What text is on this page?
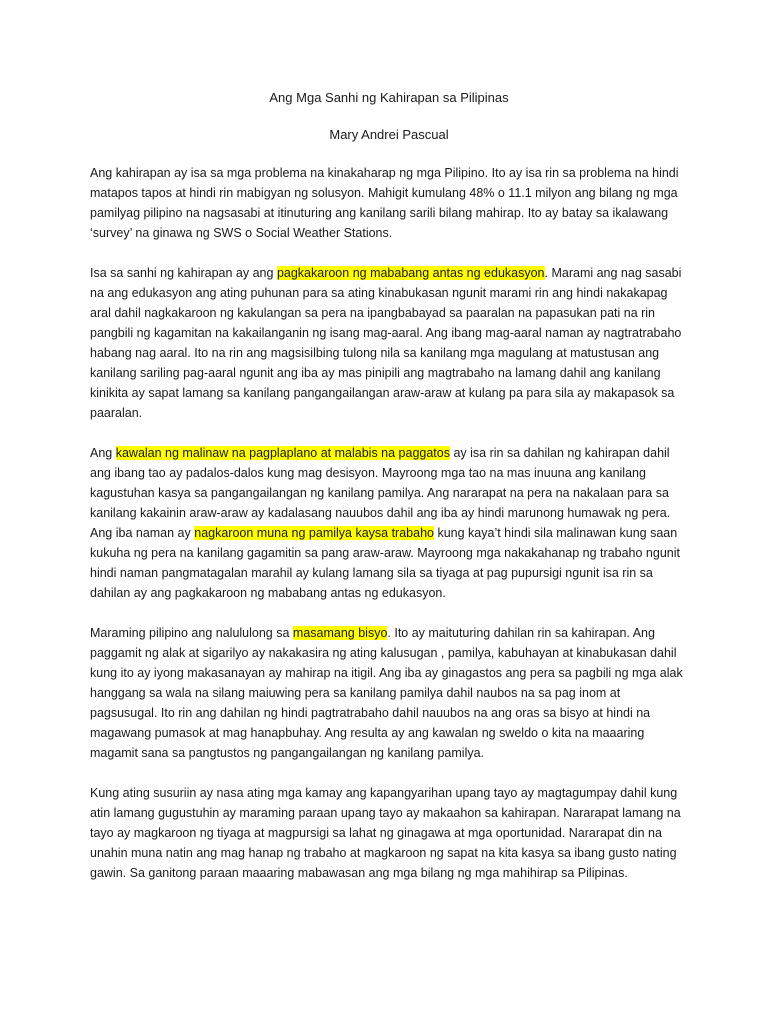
Ang Mga Sanhi ng Kahirapan sa Pilipinas
Mary Andrei Pascual

Ang kahirapan ay isa sa mga problema na kinakaharap ng mga Pilipino. Ito ay isa rin sa problema na hindi matapos tapos at hindi rin mabigyan ng solusyon. Mahigit kumulang 48% o 11.1 milyon ang bilang ng mga pamilyag pilipino na nagsasabi at itinuturing ang kanilang sarili bilang mahirap. Ito ay batay sa ikalawang ‘survey’ na ginawa ng SWS o Social Weather Stations.

Isa sa sanhi ng kahirapan ay ang pagkakaroon ng mababang antas ng edukasyon. Marami ang nag sasabi na ang edukasyon ang ating puhunan para sa ating kinabukasan ngunit marami rin ang hindi nakakapag aral dahil nagkakaroon ng kakulangan sa pera na ipangbabayad sa paaralan na papasukan pati na rin pangbili ng kagamitan na kakailanganin ng isang mag-aaral. Ang ibang mag-aaral naman ay nagtratrabaho habang nag aaral. Ito na rin ang magsisilbing tulong nila sa kanilang mga magulang at matustusan ang kanilang sariling pag-aaral ngunit ang iba ay mas pinipili ang magtrabaho na lamang dahil ang kanilang kinikita ay sapat lamang sa kanilang pangangailangan araw-araw at kulang pa para sila ay makapasok sa paaralan.

Ang kawalan ng malinaw na pagplaplano at malabis na paggatos ay isa rin sa dahilan ng kahirapan dahil ang ibang tao ay padalos-dalos kung mag desisyon. Mayroong mga tao na mas inuuna ang kanilang kagustuhan kasya sa pangangailangan ng kanilang pamilya. Ang nararapat na pera na nakalaan para sa kanilang kakainin araw-araw ay kadalasang nauubos dahil ang iba ay hindi marunong humawak ng pera. Ang iba naman ay nagkaroon muna ng pamilya kaysa trabaho kung kaya’t hindi sila malinawan kung saan kukuha ng pera na kanilang gagamitin sa pang araw-araw. Mayroong mga nakakahanap ng trabaho ngunit hindi naman pangmatagalan marahil ay kulang lamang sila sa tiyaga at pag pupursigi ngunit isa rin sa dahilan ay ang pagkakaroon ng mababang antas ng edukasyon.

Maraming pilipino ang nalululong sa masamang bisyo. Ito ay maituturing dahilan rin sa kahirapan. Ang paggamit ng alak at sigarilyo ay nakakasira ng ating kalusugan , pamilya, kabuhayan at kinabukasan dahil kung ito ay iyong makasanayan ay mahirap na itigil. Ang iba ay ginagastos ang pera sa pagbili ng mga alak hanggang sa wala na silang maiuwing pera sa kanilang pamilya dahil naubos na sa pag inom at pagsusugal. Ito rin ang dahilan ng hindi pagtratrabaho dahil nauubos na ang oras sa bisyo at hindi na magawang pumasok at mag hanapbuhay. Ang resulta ay ang kawalan ng sweldo o kita na maaaring magamit sana sa pangtustos ng pangangailangan ng kanilang pamilya.

Kung ating susuriin ay nasa ating mga kamay ang kapangyarihan upang tayo ay magtagumpay dahil kung atin lamang gugustuhin ay maraming paraan upang tayo ay makaahon sa kahirapan. Nararapat lamang na tayo ay magkaroon ng tiyaga at magpursigi sa lahat ng ginagawa at mga oportunidad. Nararapat din na unahin muna natin ang mag hanap ng trabaho at magkaroon ng sapat na kita kasya sa ibang gusto nating gawin. Sa ganitong paraan maaaring mabawasan ang mga bilang ng mga mahihirap sa Pilipinas.
